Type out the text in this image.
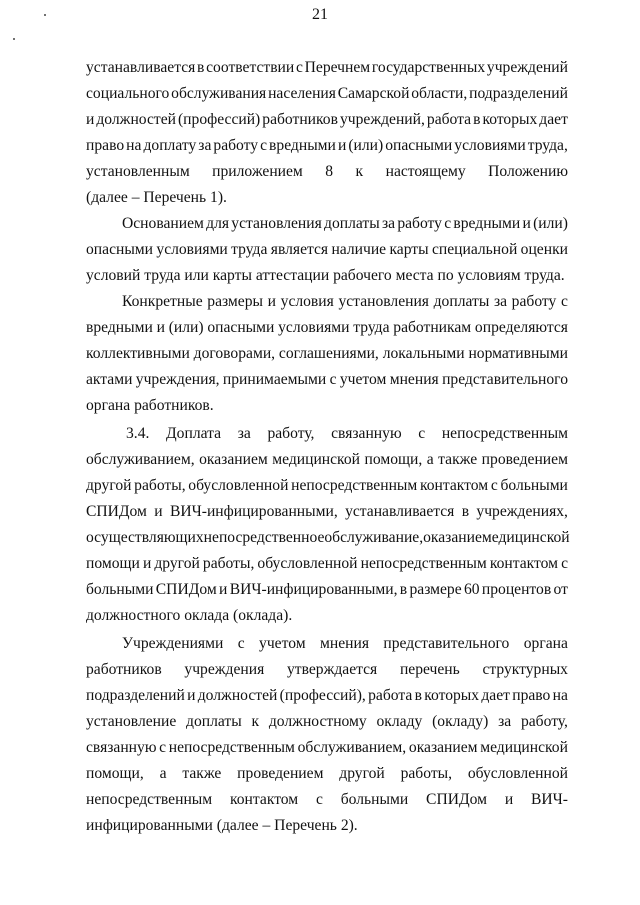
21
устанавливается в соответствии с Перечнем государственных учреждений
социального обслуживания населения Самарской области, подразделений
и должностей (профессий) работников учреждений, работа в которых дает
право на доплату за работу с вредными и (или) опасными условиями труда,
установленным приложением 8 к настоящему Положению
(далее – Перечень 1).
Основанием для установления доплаты за работу с вредными и (или)
опасными условиями труда является наличие карты специальной оценки
условий труда или карты аттестации рабочего места по условиям труда.
Конкретные размеры и условия установления доплаты за работу с
вредными и (или) опасными условиями труда работникам определяются
коллективными договорами, соглашениями, локальными нормативными
актами учреждения, принимаемыми с учетом мнения представительного
органа работников.
3.4. Доплата за работу, связанную с непосредственным
обслуживанием, оказанием медицинской помощи, а также проведением
другой работы, обусловленной непосредственным контактом с больными
СПИДом и ВИЧ-инфицированными, устанавливается в учреждениях,
осуществляющих непосредственное обслуживание, оказание медицинской
помощи и другой работы, обусловленной непосредственным контактом с
больными СПИДом и ВИЧ-инфицированными, в размере 60 процентов от
должностного оклада (оклада).
Учреждениями с учетом мнения представительного органа
работников учреждения утверждается перечень структурных
подразделений и должностей (профессий), работа в которых дает право на
установление доплаты к должностному окладу (окладу) за работу,
связанную с непосредственным обслуживанием, оказанием медицинской
помощи, а также проведением другой работы, обусловленной
непосредственным контактом с больными СПИДом и ВИЧ-
инфицированными (далее – Перечень 2).
